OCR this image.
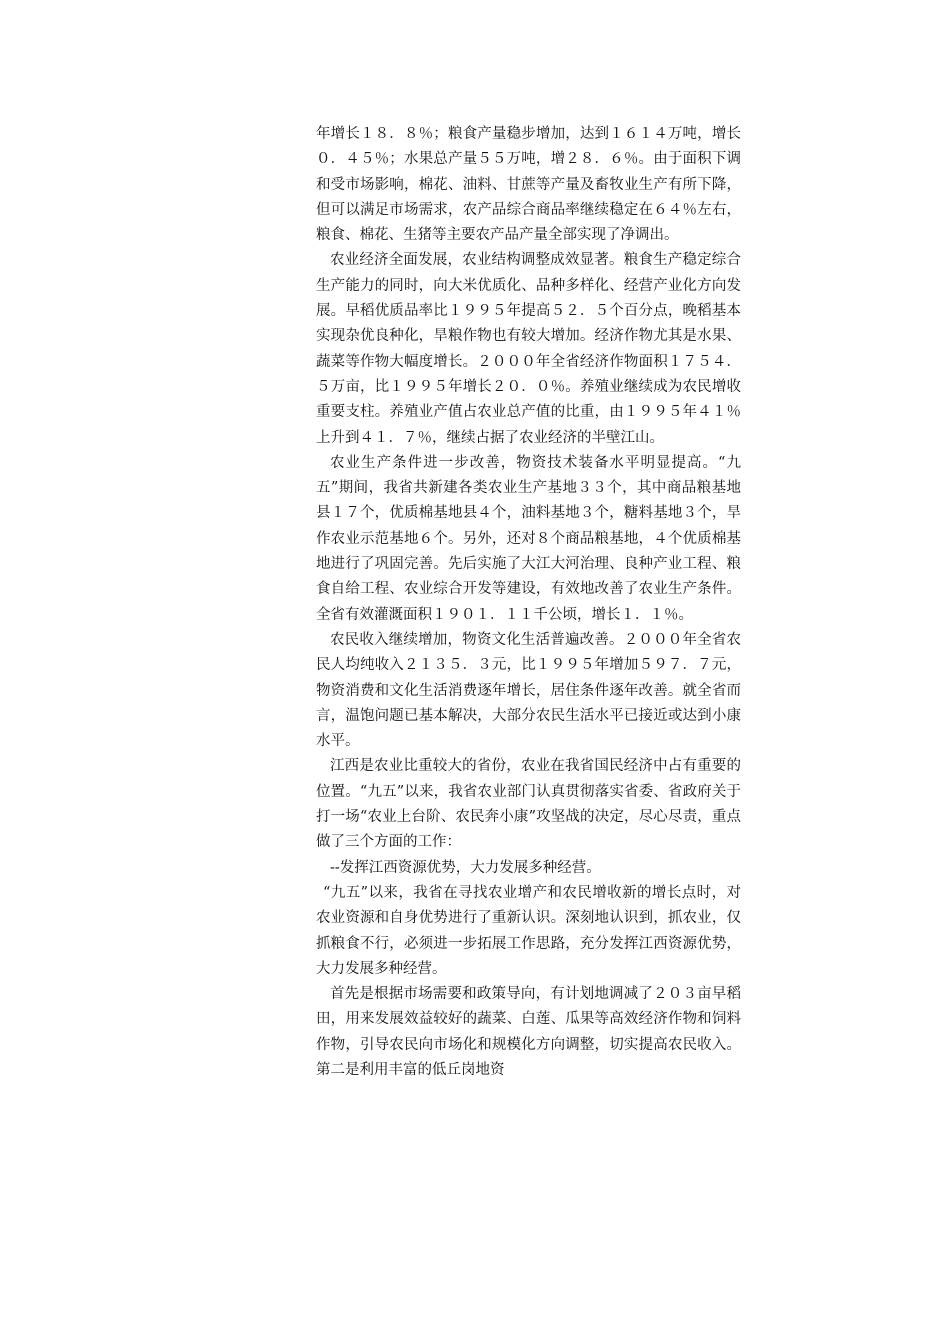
年增长１８．８％；粮食产量稳步增加，达到１６１４万吨，增长０．４５％；水果总产量５５万吨，增２８．６％。由于面积下调和受市场影响，棉花、油料、甘蔗等产量及畜牧业生产有所下降，但可以满足市场需求，农产品综合商品率继续稳定在６４％左右，粮食、棉花、生猪等主要农产品产量全部实现了净调出。

农业经济全面发展，农业结构调整成效显著。粮食生产稳定综合生产能力的同时，向大米优质化、品种多样化、经营产业化方向发展。早稻优质品率比１９９５年提高５２．５个百分点，晚稻基本实现杂优良种化，旱粮作物也有较大增加。经济作物尤其是水果、蔬菜等作物大幅度增长。２０００年全省经济作物面积１７５４．５万亩，比１９９５年增长２０．０％。养殖业继续成为农民增收重要支柱。养殖业产值占农业总产值的比重，由１９９５年４１％上升到４１．７％，继续占据了农业经济的半壁江山。

农业生产条件进一步改善，物资技术装备水平明显提高。“九五”期间，我省共新建各类农业生产基地３３个，其中商品粮基地县１７个，优质棉基地县４个，油料基地３个，糖料基地３个，旱作农业示范基地６个。另外，还对８个商品粮基地，４个优质棉基地进行了巩固完善。先后实施了大江大河治理、良种产业工程、粮食自给工程、农业综合开发等建设，有效地改善了农业生产条件。全省有效灌溉面积１９０１．１１千公顷，增长１．１％。

农民收入继续增加，物资文化生活普遍改善。２０００年全省农民人均纯收入２１３５．３元，比１９９５年增加５９７．７元，物资消费和文化生活消费逐年增长，居住条件逐年改善。就全省而言，温饱问题已基本解决，大部分农民生活水平已接近或达到小康水平。

江西是农业比重较大的省份，农业在我省国民经济中占有重要的位置。“九五”以来，我省农业部门认真贯彻落实省委、省政府关于打一场“农业上台阶、农民奔小康”攻坚战的决定，尽心尽责，重点做了三个方面的工作：

--发挥江西资源优势，大力发展多种经营。

“九五”以来，我省在寻找农业增产和农民增收新的增长点时，对农业资源和自身优势进行了重新认识。深刻地认识到，抓农业，仅抓粮食不行，必须进一步拓展工作思路，充分发挥江西资源优势，大力发展多种经营。

首先是根据市场需要和政策导向，有计划地调减了２０３亩早稻田，用来发展效益较好的蔬菜、白莲、瓜果等高效经济作物和饲料作物，引导农民向市场化和规模化方向调整，切实提高农民收入。第二是利用丰富的低丘岗地资
